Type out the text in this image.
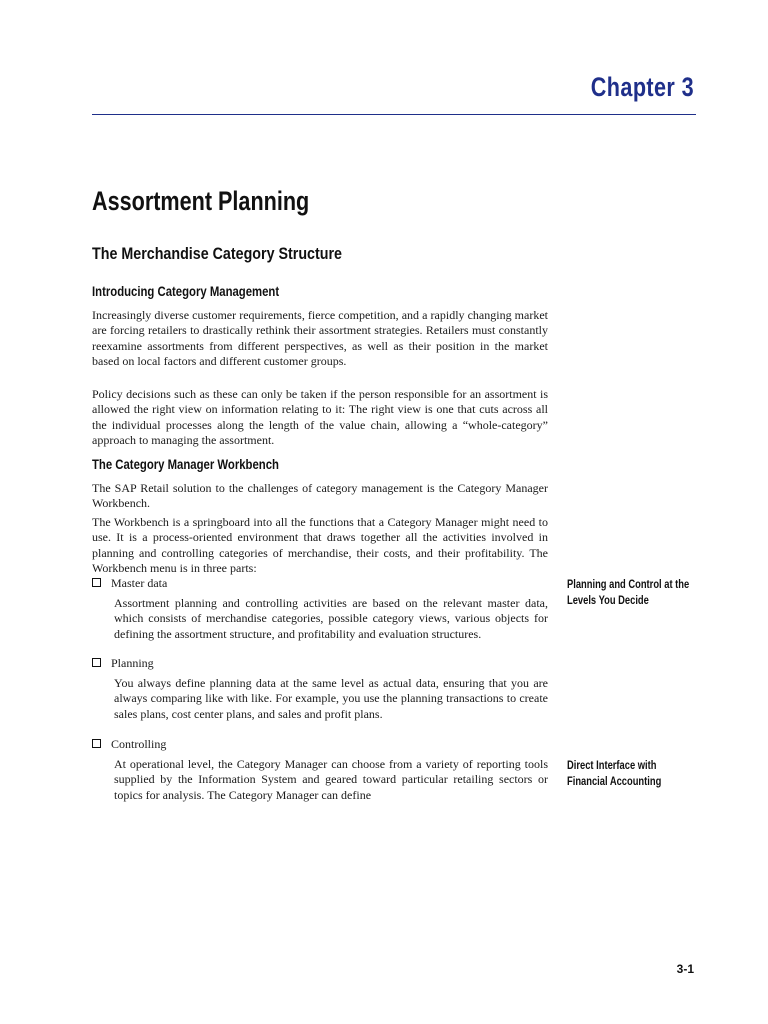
Chapter 3
Assortment Planning
The Merchandise Category Structure
Introducing Category Management
Increasingly diverse customer requirements, fierce competition, and a rapidly changing market are forcing retailers to drastically rethink their assortment strategies. Retailers must constantly reexamine assortments from different perspectives, as well as their position in the market based on local factors and different customer groups.
Policy decisions such as these can only be taken if the person responsible for an assortment is allowed the right view on information relating to it: The right view is one that cuts across all the individual processes along the length of the value chain, allowing a “whole-category” approach to managing the assortment.
The Category Manager Workbench
The SAP Retail solution to the challenges of category management is the Category Manager Workbench.
The Workbench is a springboard into all the functions that a Category Manager might need to use. It is a process-oriented environment that draws together all the activities involved in planning and controlling categories of merchandise, their costs, and their profitability. The Workbench menu is in three parts:
Master data
Assortment planning and controlling activities are based on the relevant master data, which consists of merchandise categories, possible category views, various objects for defining the assortment structure, and profitability and evaluation structures.
Planning
You always define planning data at the same level as actual data, ensuring that you are always comparing like with like. For example, you use the planning transactions to create sales plans, cost center plans, and sales and profit plans.
Controlling
At operational level, the Category Manager can choose from a variety of reporting tools supplied by the Information System and geared toward particular retailing sectors or topics for analysis. The Category Manager can define
Planning and Control at the
Levels You Decide
Direct Interface with
Financial Accounting
3-1
